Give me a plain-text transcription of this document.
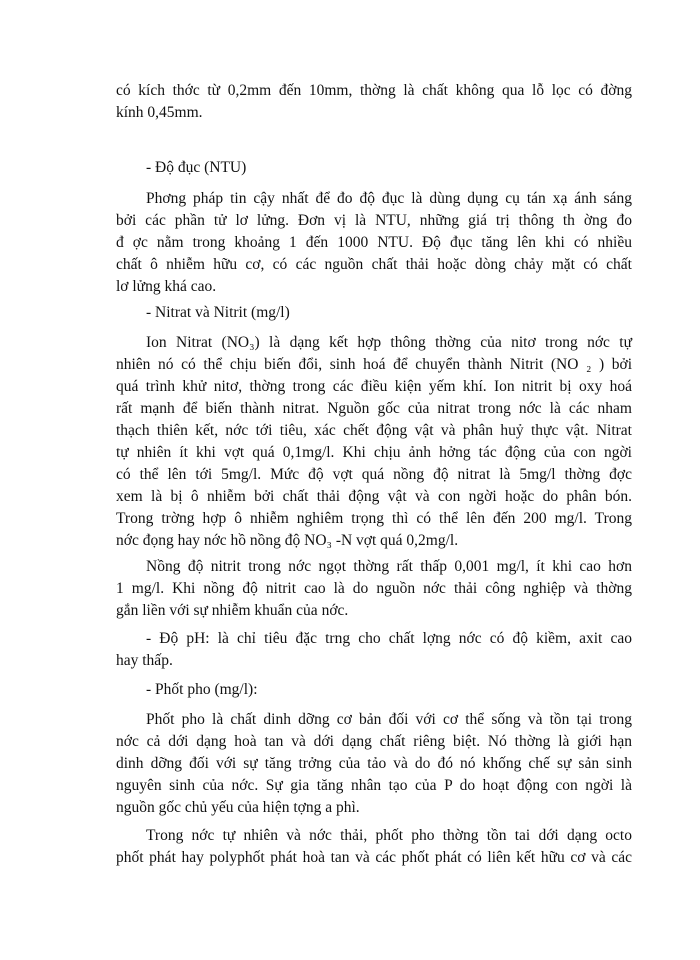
có kích thớc từ 0,2mm đến 10mm, thờng là chất không qua lỗ lọc có đờng
kính 0,45mm.
- Độ đục (NTU)
Phơng pháp tin cậy nhất để đo độ đục là dùng dụng cụ tán xạ ánh sáng
bởi các phần tử lơ lửng. Đơn vị là NTU, những giá trị thông th ờng đo
đ ợc nằm trong khoảng 1 đến 1000 NTU. Độ đục tăng lên khi có nhiều
chất ô nhiễm hữu cơ, có các nguồn chất thải hoặc dòng chảy mặt có chất
lơ lửng khá cao.
- Nitrat và Nitrit (mg/l)
Ion Nitrat (NO₃) là dạng kết hợp thông thờng của nitơ trong nớc tự
nhiên nó có thể chịu biến đổi, sinh hoá để chuyển thành Nitrit (NO ₂ ) bởi
quá trình khử nitơ, thờng trong các điều kiện yếm khí. Ion nitrit bị oxy hoá
rất mạnh để biến thành nitrat. Nguồn gốc của nitrat trong nớc là các nham
thạch thiên kết, nớc tới tiêu, xác chết động vật và phân huỷ thực vật. Nitrat
tự nhiên ít khi vợt quá 0,1mg/l. Khi chịu ảnh hởng tác động của con ngời
có thể lên tới 5mg/l. Mức độ vợt quá nồng độ nitrat là 5mg/l thờng đợc
xem là bị ô nhiễm bởi chất thải động vật và con ngời hoặc do phân bón.
Trong trờng hợp ô nhiễm nghiêm trọng thì có thể lên đến 200 mg/l. Trong
nớc đọng hay nớc hồ nồng độ NO₃ -N vợt quá 0,2mg/l.
Nồng độ nitrit trong nớc ngọt thờng rất thấp 0,001 mg/l, ít khi cao hơn
1 mg/l. Khi nồng độ nitrit cao là do nguồn nớc thải công nghiệp và thờng
gắn liền với sự nhiễm khuẩn của nớc.
- Độ pH: là chỉ tiêu đặc trng cho chất lợng nớc có độ kiềm, axit cao
hay thấp.
- Phốt pho (mg/l):
Phốt pho là chất dinh dỡng cơ bản đối với cơ thể sống và tồn tại trong
nớc cả dới dạng hoà tan và dới dạng chất riêng biệt. Nó thờng là giới hạn
dinh dỡng đối với sự tăng trởng của tảo và do đó nó khống chế sự sản sinh
nguyên sinh của nớc. Sự gia tăng nhân tạo của P do hoạt động con ngời là
nguồn gốc chủ yếu của hiện tợng a phì.
Trong nớc tự nhiên và nớc thải, phốt pho thờng tồn tai dới dạng octo
phốt phát hay polyphốt phát hoà tan và các phốt phát có liên kết hữu cơ và các
